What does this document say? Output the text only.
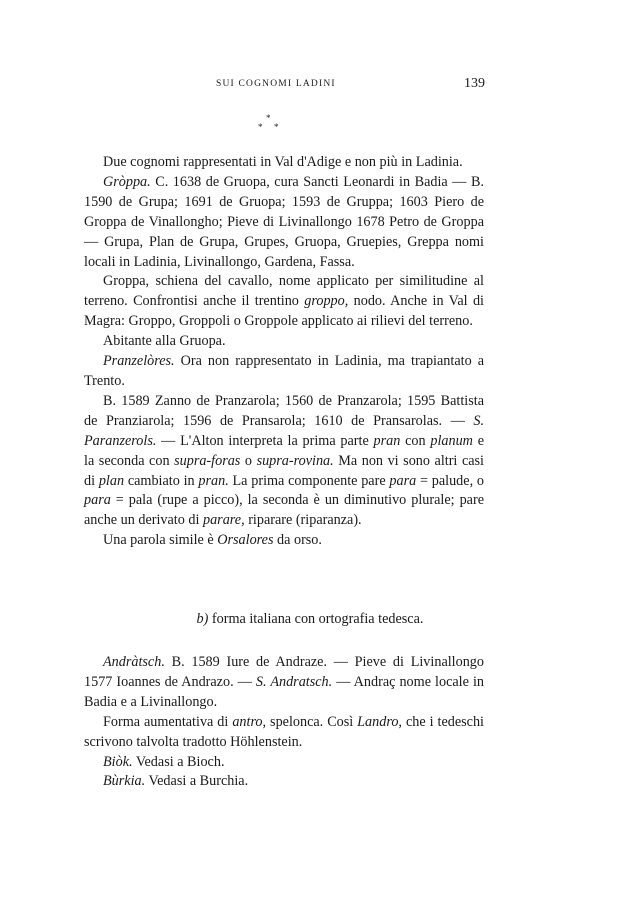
SUI COGNOMI LADINI	139
*
* *

Due cognomi rappresentati in Val d'Adige e non più in Ladinia.

Gròppa. C. 1638 de Gruopa, cura Sancti Leonardi in Badia — B. 1590 de Grupa; 1691 de Gruopa; 1593 de Gruppa; 1603 Piero de Groppa de Vinallongho; Pieve di Livinallongo 1678 Petro de Groppa — Grupa, Plan de Grupa, Grupes, Gruopa, Gruepies, Greppa nomi locali in Ladinia, Livinallongo, Gardena, Fassa.

Groppa, schiena del cavallo, nome applicato per similitudine al terreno. Confrontisi anche il trentino groppo, nodo. Anche in Val di Magra: Groppo, Groppoli o Groppole applicato ai rilievi del terreno.

Abitante alla Gruopa.

Pranzelòres. Ora non rappresentato in Ladinia, ma trapiantato a Trento.

B. 1589 Zanno de Pranzarola; 1560 de Pranzarola; 1595 Battista de Pranziarola; 1596 de Pransarola; 1610 de Pransarolas. — S. Paranzerols. — L'Alton interpreta la prima parte pran con planum e la seconda con supra-foras o supra-rovina. Ma non vi sono altri casi di plan cambiato in pran. La prima componente pare para = palude, o para = pala (rupe a picco), la seconda è un diminutivo plurale; pare anche un derivato di parare, riparare (riparanza).

Una parola simile è Orsalores da orso.

b) forma italiana con ortografia tedesca.

Andràtsch. B. 1589 Iure de Andraze. — Pieve di Livinallongo 1577 Ioannes de Andrazo. — S. Andratsch. — Andraç nome locale in Badia e a Livinallongo.

Forma aumentativa di antro, spelonca. Così Landro, che i tedeschi scrivono talvolta tradotto Höhlenstein.

Biòk. Vedasi a Bioch.

Bùrkia. Vedasi a Burchia.
